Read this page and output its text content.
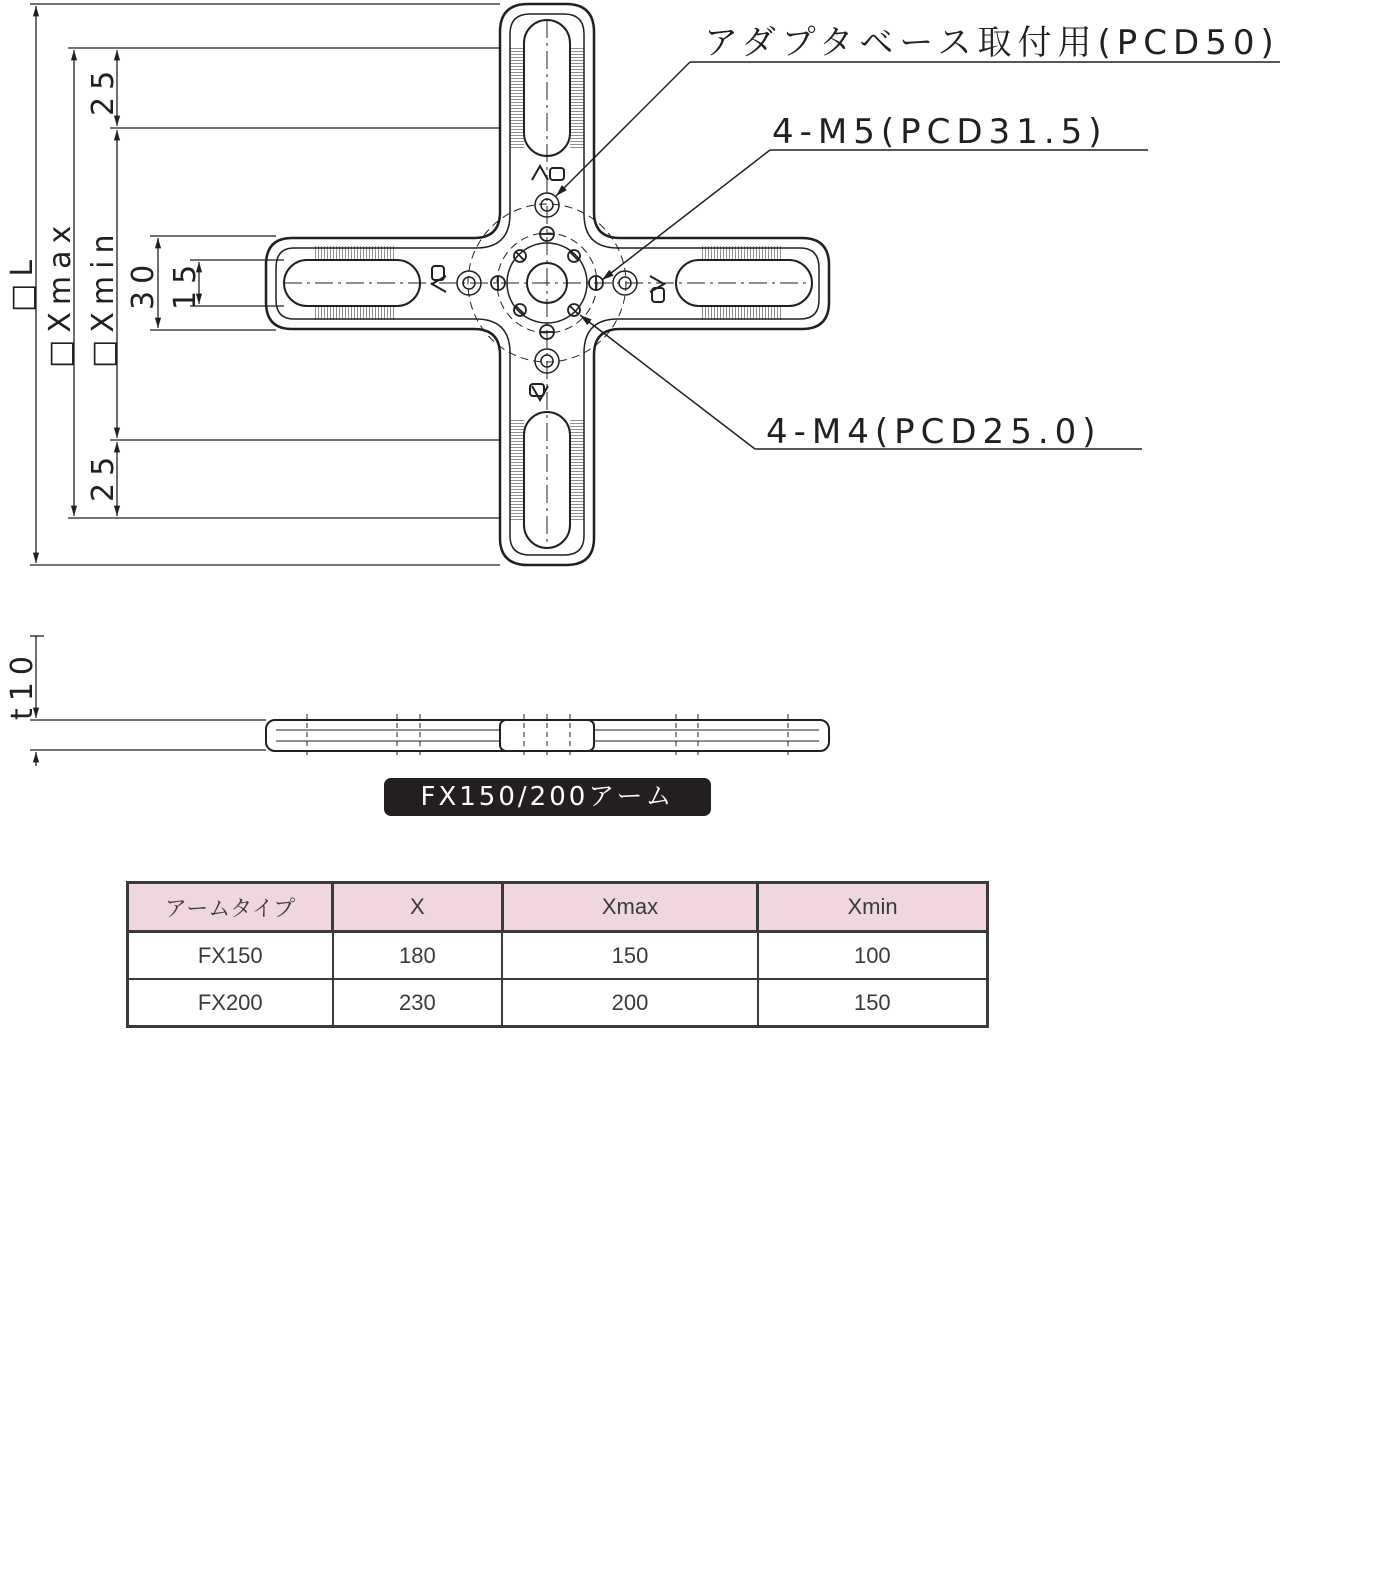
□L □Xmax □Xmin
25
25
30 15
アダプタベース取付用(PCD50)
4-M5(PCD31.5)
4-M4(PCD25.0)
t10
FX150/200アーム
アームタイプ	X	Xmax	Xmin
FX150	180	150	100
FX200	230	200	150
